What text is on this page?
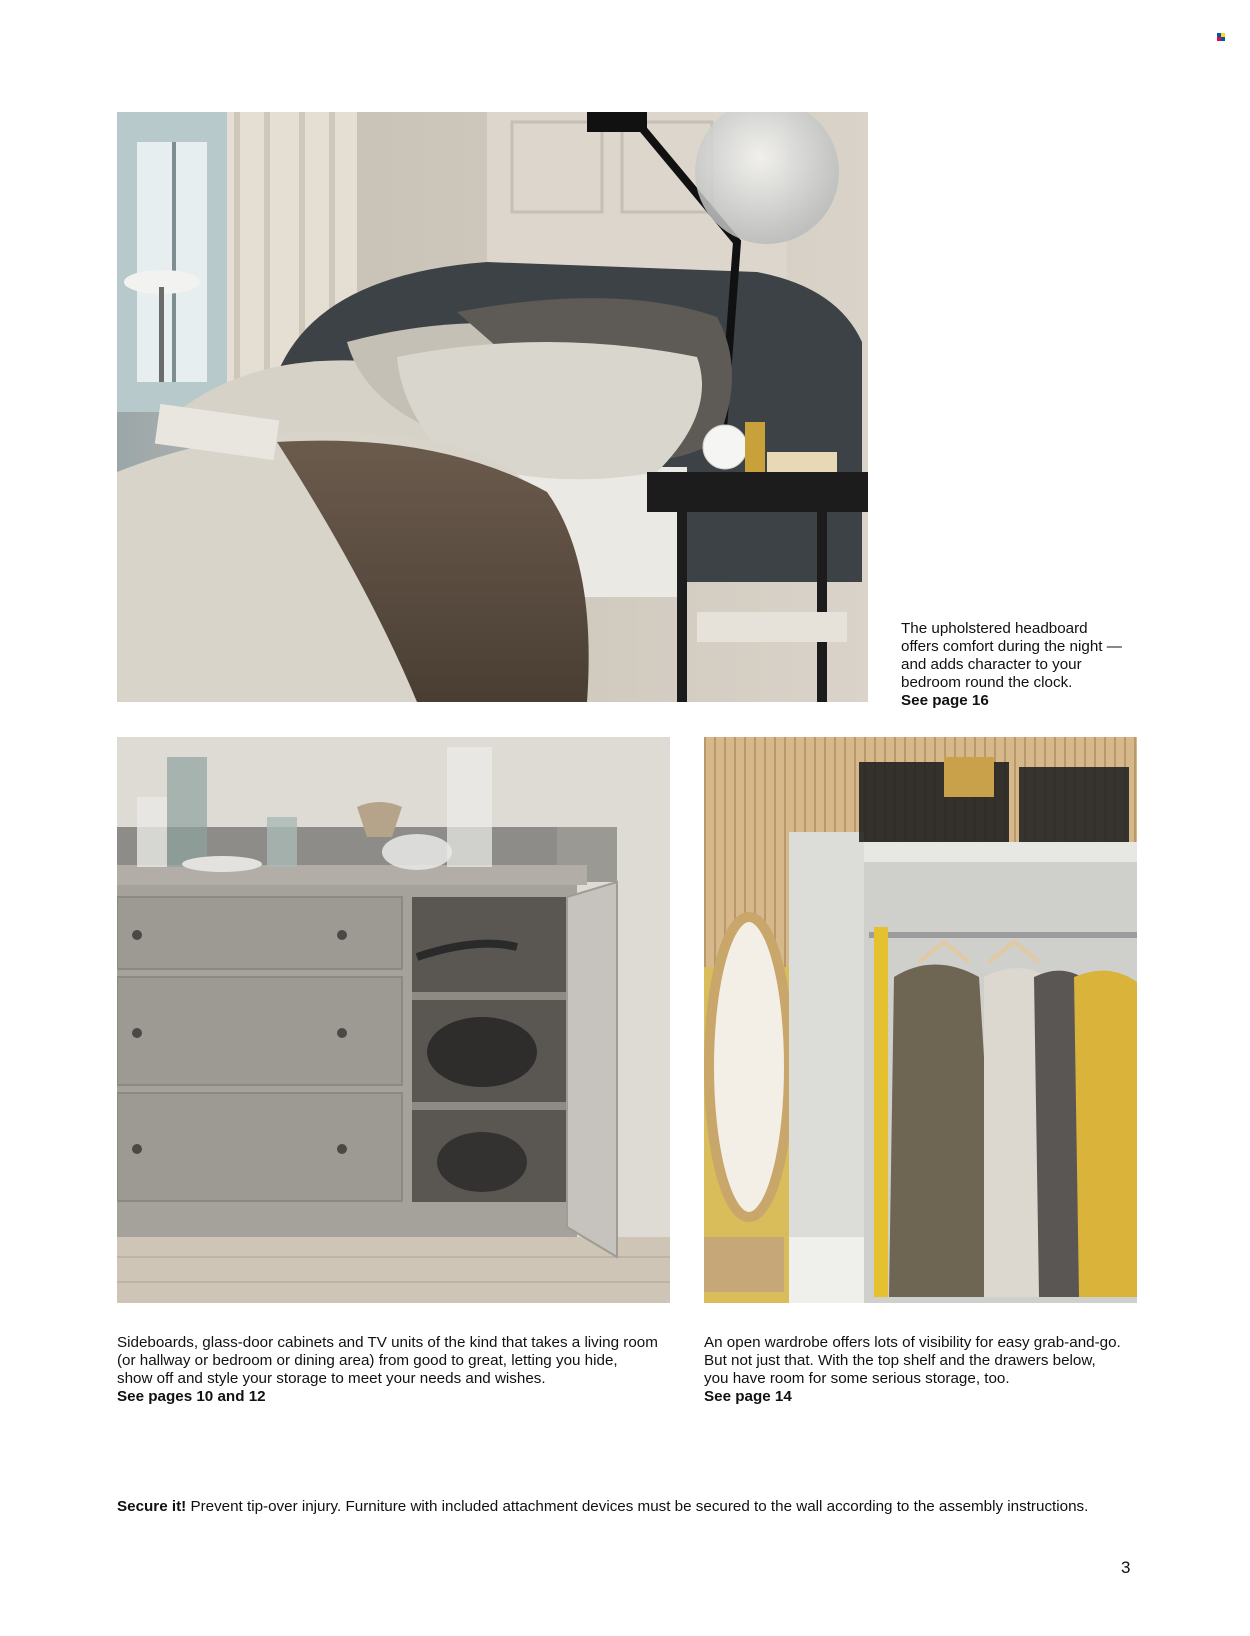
The upholstered headboard

offers comfort during the night —

and adds character to your

bedroom round the clock.

See page 16

Sideboards, glass-door cabinets and TV units of the kind that takes a living room

(or hallway or bedroom or dining area) from good to great, letting you hide,

show off and style your storage to meet your needs and wishes.

See pages 10 and 12

An open wardrobe offers lots of visibility for easy grab-and-go.

But not just that. With the top shelf and the drawers below,

you have room for some serious storage, too.

See page 14

Secure it! Prevent tip-over injury. Furniture with included attachment devices must be secured to the wall according to the assembly instructions.
3
